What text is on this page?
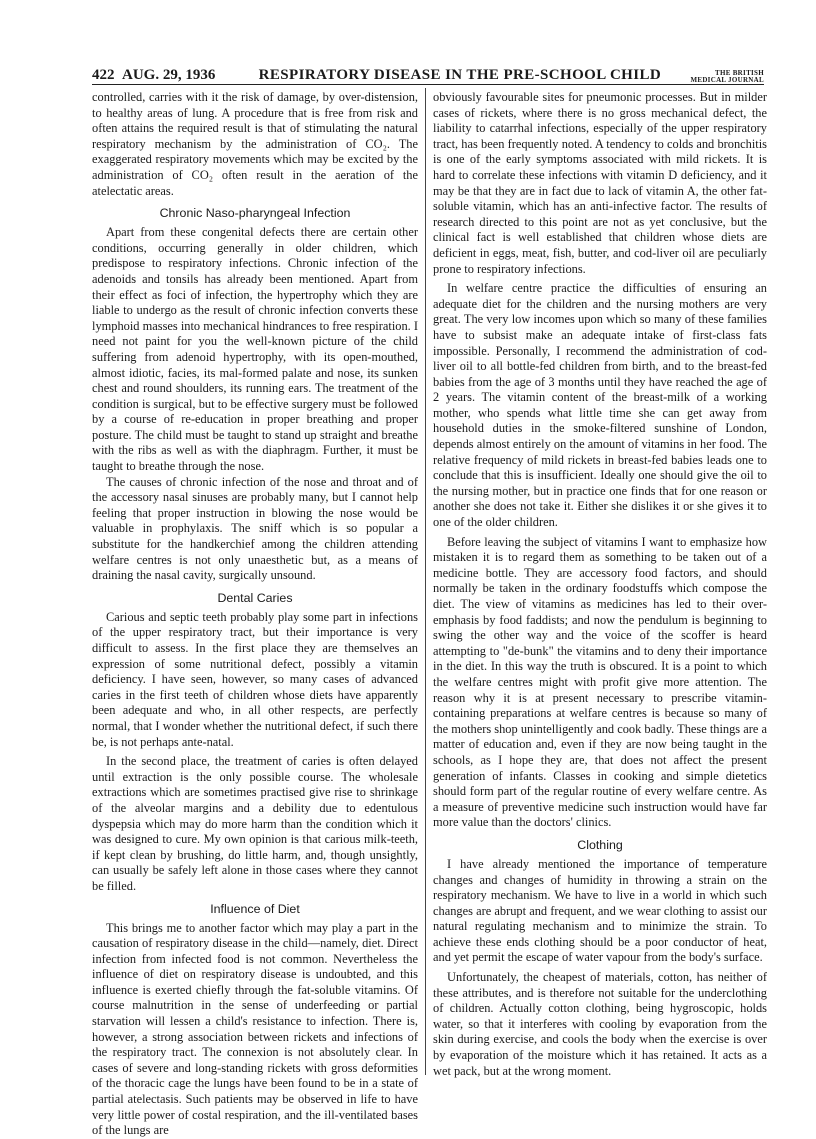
422 AUG. 29, 1936	RESPIRATORY DISEASE IN THE PRE-SCHOOL CHILD	THE BRITISH
MEDICAL JOURNAL

controlled, carries with it the risk of damage, by over-distension, to healthy areas of lung. A procedure that is free from risk and often attains the required result is that of stimulating the natural respiratory mechanism by the administration of CO₂. The exaggerated respiratory movements which may be excited by the administration of CO₂ often result in the aeration of the atelectatic areas.

Chronic Naso-pharyngeal Infection

Apart from these congenital defects there are certain other conditions, occurring generally in older children, which predispose to respiratory infections. Chronic infection of the adenoids and tonsils has already been mentioned. Apart from their effect as foci of infection, the hypertrophy which they are liable to undergo as the result of chronic infection converts these lymphoid masses into mechanical hindrances to free respiration. I need not paint for you the well-known picture of the child suffering from adenoid hypertrophy, with its open-mouthed, almost idiotic, facies, its mal-formed palate and nose, its sunken chest and round shoulders, its running ears. The treatment of the condition is surgical, but to be effective surgery must be followed by a course of re-education in proper breathing and proper posture. The child must be taught to stand up straight and breathe with the ribs as well as with the diaphragm. Further, it must be taught to breathe through the nose.

The causes of chronic infection of the nose and throat and of the accessory nasal sinuses are probably many, but I cannot help feeling that proper instruction in blowing the nose would be valuable in prophylaxis. The sniff which is so popular a substitute for the handkerchief among the children attending welfare centres is not only unaesthetic but, as a means of draining the nasal cavity, surgically unsound.

Dental Caries

Carious and septic teeth probably play some part in infections of the upper respiratory tract, but their importance is very difficult to assess. In the first place they are themselves an expression of some nutritional defect, possibly a vitamin deficiency. I have seen, however, so many cases of advanced caries in the first teeth of children whose diets have apparently been adequate and who, in all other respects, are perfectly normal, that I wonder whether the nutritional defect, if such there be, is not perhaps ante-natal.

In the second place, the treatment of caries is often delayed until extraction is the only possible course. The wholesale extractions which are sometimes practised give rise to shrinkage of the alveolar margins and a debility due to edentulous dyspepsia which may do more harm than the condition which it was designed to cure. My own opinion is that carious milk-teeth, if kept clean by brushing, do little harm, and, though unsightly, can usually be safely left alone in those cases where they cannot be filled.

Influence of Diet

This brings me to another factor which may play a part in the causation of respiratory disease in the child—namely, diet. Direct infection from infected food is not common. Nevertheless the influence of diet on respiratory disease is undoubted, and this influence is exerted chiefly through the fat-soluble vitamins. Of course malnutrition in the sense of underfeeding or partial starvation will lessen a child's resistance to infection. There is, however, a strong association between rickets and infections of the respiratory tract. The connexion is not absolutely clear. In cases of severe and long-standing rickets with gross deformities of the thoracic cage the lungs have been found to be in a state of partial atelectasis. Such patients may be observed in life to have very little power of costal respiration, and the ill-ventilated bases of the lungs are

obviously favourable sites for pneumonic processes. But in milder cases of rickets, where there is no gross mechanical defect, the liability to catarrhal infections, especially of the upper respiratory tract, has been frequently noted. A tendency to colds and bronchitis is one of the early symptoms associated with mild rickets. It is hard to correlate these infections with vitamin D deficiency, and it may be that they are in fact due to lack of vitamin A, the other fat-soluble vitamin, which has an anti-infective factor. The results of research directed to this point are not as yet conclusive, but the clinical fact is well established that children whose diets are deficient in eggs, meat, fish, butter, and cod-liver oil are peculiarly prone to respiratory infections.

In welfare centre practice the difficulties of ensuring an adequate diet for the children and the nursing mothers are very great. The very low incomes upon which so many of these families have to subsist make an adequate intake of first-class fats impossible. Personally, I recommend the administration of cod-liver oil to all bottle-fed children from birth, and to the breast-fed babies from the age of 3 months until they have reached the age of 2 years. The vitamin content of the breast-milk of a working mother, who spends what little time she can get away from household duties in the smoke-filtered sunshine of London, depends almost entirely on the amount of vitamins in her food. The relative frequency of mild rickets in breast-fed babies leads one to conclude that this is insufficient. Ideally one should give the oil to the nursing mother, but in practice one finds that for one reason or another she does not take it. Either she dislikes it or she gives it to one of the older children.

Before leaving the subject of vitamins I want to emphasize how mistaken it is to regard them as something to be taken out of a medicine bottle. They are accessory food factors, and should normally be taken in the ordinary foodstuffs which compose the diet. The view of vitamins as medicines has led to their over-emphasis by food faddists; and now the pendulum is beginning to swing the other way and the voice of the scoffer is heard attempting to "de-bunk" the vitamins and to deny their importance in the diet. In this way the truth is obscured. It is a point to which the welfare centres might with profit give more attention. The reason why it is at present necessary to prescribe vitamin-containing preparations at welfare centres is because so many of the mothers shop unintelligently and cook badly. These things are a matter of education and, even if they are now being taught in the schools, as I hope they are, that does not affect the present generation of infants. Classes in cooking and simple dietetics should form part of the regular routine of every welfare centre. As a measure of preventive medicine such instruction would have far more value than the doctors' clinics.

Clothing

I have already mentioned the importance of temperature changes and changes of humidity in throwing a strain on the respiratory mechanism. We have to live in a world in which such changes are abrupt and frequent, and we wear clothing to assist our natural regulating mechanism and to minimize the strain. To achieve these ends clothing should be a poor conductor of heat, and yet permit the escape of water vapour from the body's surface.

Unfortunately, the cheapest of materials, cotton, has neither of these attributes, and is therefore not suitable for the underclothing of children. Actually cotton clothing, being hygroscopic, holds water, so that it interferes with cooling by evaporation from the skin during exercise, and cools the body when the exercise is over by evaporation of the moisture which it has retained. It acts as a wet pack, but at the wrong moment.
